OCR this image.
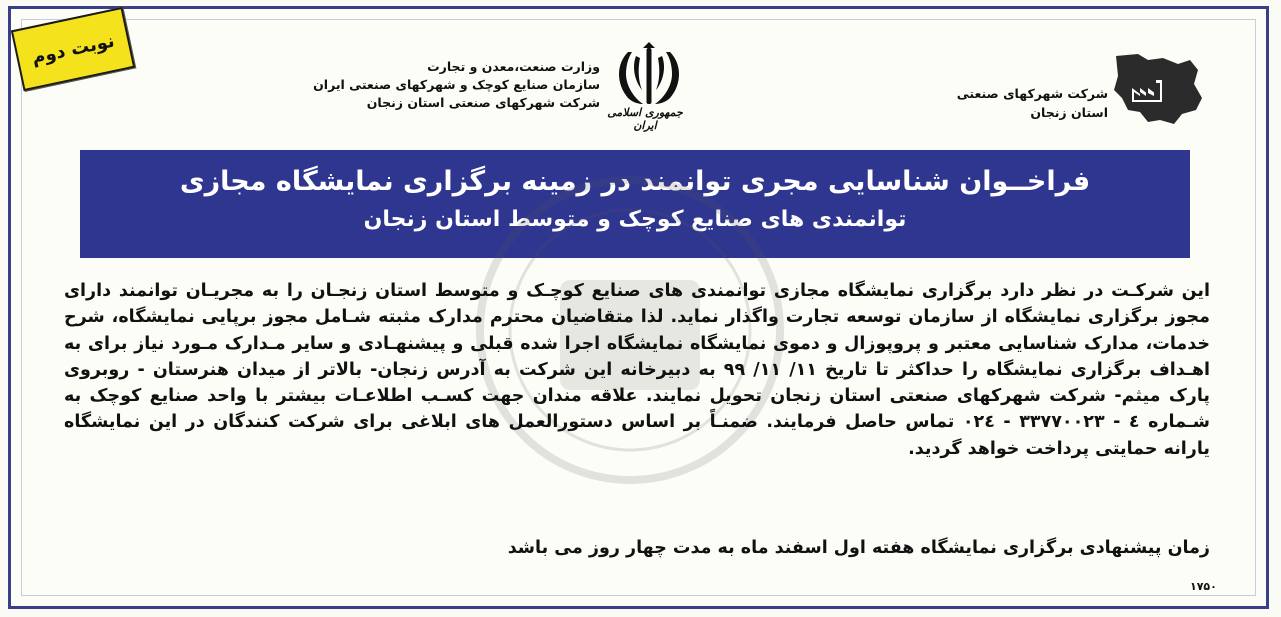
نوبت دوم
جمهوری اسلامی ایران
وزارت صنعت،معدن و تجارت
سازمان صنایع کوچک و شهرکهای صنعتی ایران
شرکت شهرکهای صنعتی استان زنجان
شرکت شهرکهای صنعتی
استان زنجان
فراخــوان شناسایی مجری توانمند در زمینه برگزاری نمایشگاه مجازی
توانمندی های صنایع کوچک و متوسط استان زنجان

این شرکـت در نظر دارد برگزاری نمایشگاه مجازی توانمندی های صنایع کوچـک و متوسط استان زنجـان را به مجریـان توانمند دارای مجوز برگزاری نمایشگاه از سازمان توسعه تجارت واگذار نماید. لذا متقاضیان محترم مدارک مثبته شـامل مجوز برپایی نمایشگاه، شرح خدمات، مدارک شناسایی معتبر و پروپوزال و دموی نمایشگاه نمایشگاه اجرا شده قبلی و پیشنهـادی و سایر مـدارک مـورد نیاز برای به اهـداف برگزاری نمایشگاه را حداکثر تا تاریخ ۱۱/ ۱۱/ ۹۹ به دبیرخانه این شرکت به آدرس زنجان- بالاتر از میدان هنرستان - روبروی پارک میثم- شرکت شهرکهای صنعتی استان زنجان تحویل نمایند. علاقه مندان جهت کسـب اطلاعـات بیشتر با واحد صنایع کوچک به شـماره ٤ - ۳۳۷۷۰۰۲۳ - ۰۲٤ تماس حاصل فرمایند. ضمنـاً بر اساس دستورالعمل های ابلاغی برای شرکت کنندگان در این نمایشگاه یارانه حمایتی پرداخت خواهد گردید.

زمان پیشنهادی برگزاری نمایشگاه هفته اول اسفند ماه به مدت چهار روز می باشد
۱۷۵۰
